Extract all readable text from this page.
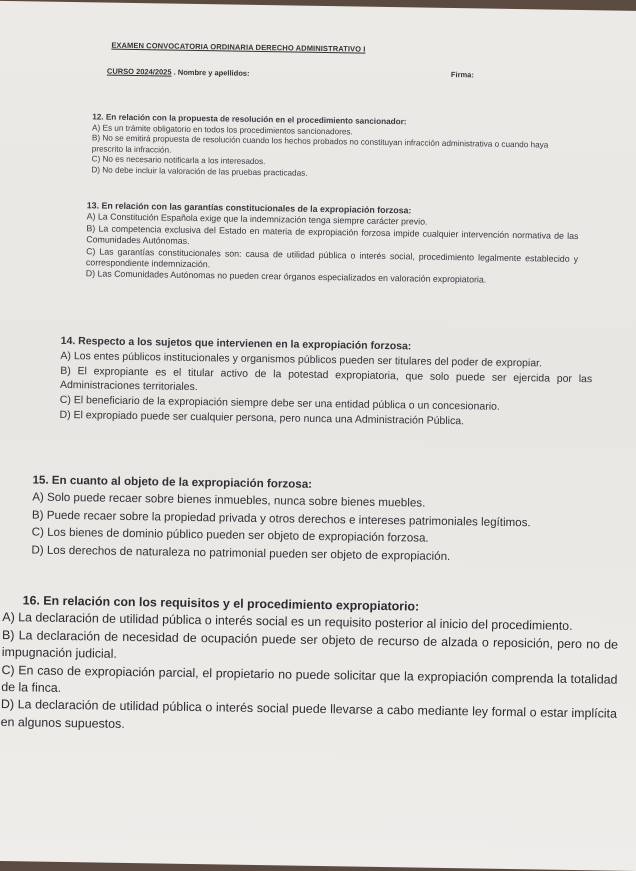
EXAMEN CONVOCATORIA ORDINARIA DERECHO ADMINISTRATIVO I
CURSO 2024/2025 . Nombre y apellidos:	Firma:

12. En relación con la propuesta de resolución en el procedimiento sancionador:

A) Es un trámite obligatorio en todos los procedimientos sancionadores.

B) No se emitirá propuesta de resolución cuando los hechos probados no constituyan infracción administrativa o cuando haya prescrito la infracción.

C) No es necesario notificarla a los interesados.

D) No debe incluir la valoración de las pruebas practicadas.

13. En relación con las garantías constitucionales de la expropiación forzosa:

A) La Constitución Española exige que la indemnización tenga siempre carácter previo.

B) La competencia exclusiva del Estado en materia de expropiación forzosa impide cualquier intervención normativa de las Comunidades Autónomas.

C) Las garantías constitucionales son: causa de utilidad pública o interés social, procedimiento legalmente establecido y correspondiente indemnización.

D) Las Comunidades Autónomas no pueden crear órganos especializados en valoración expropiatoria.

14. Respecto a los sujetos que intervienen en la expropiación forzosa:

A) Los entes públicos institucionales y organismos públicos pueden ser titulares del poder de expropiar.

B) El expropiante es el titular activo de la potestad expropiatoria, que solo puede ser ejercida por las Administraciones territoriales.

C) El beneficiario de la expropiación siempre debe ser una entidad pública o un concesionario.

D) El expropiado puede ser cualquier persona, pero nunca una Administración Pública.

15. En cuanto al objeto de la expropiación forzosa:

A) Solo puede recaer sobre bienes inmuebles, nunca sobre bienes muebles.

B) Puede recaer sobre la propiedad privada y otros derechos e intereses patrimoniales legítimos.

C) Los bienes de dominio público pueden ser objeto de expropiación forzosa.

D) Los derechos de naturaleza no patrimonial pueden ser objeto de expropiación.

16. En relación con los requisitos y el procedimiento expropiatorio:

A) La declaración de utilidad pública o interés social es un requisito posterior al inicio del procedimiento.

B) La declaración de necesidad de ocupación puede ser objeto de recurso de alzada o reposición, pero no de impugnación judicial.

C) En caso de expropiación parcial, el propietario no puede solicitar que la expropiación comprenda la totalidad de la finca.

D) La declaración de utilidad pública o interés social puede llevarse a cabo mediante ley formal o estar implícita en algunos supuestos.
